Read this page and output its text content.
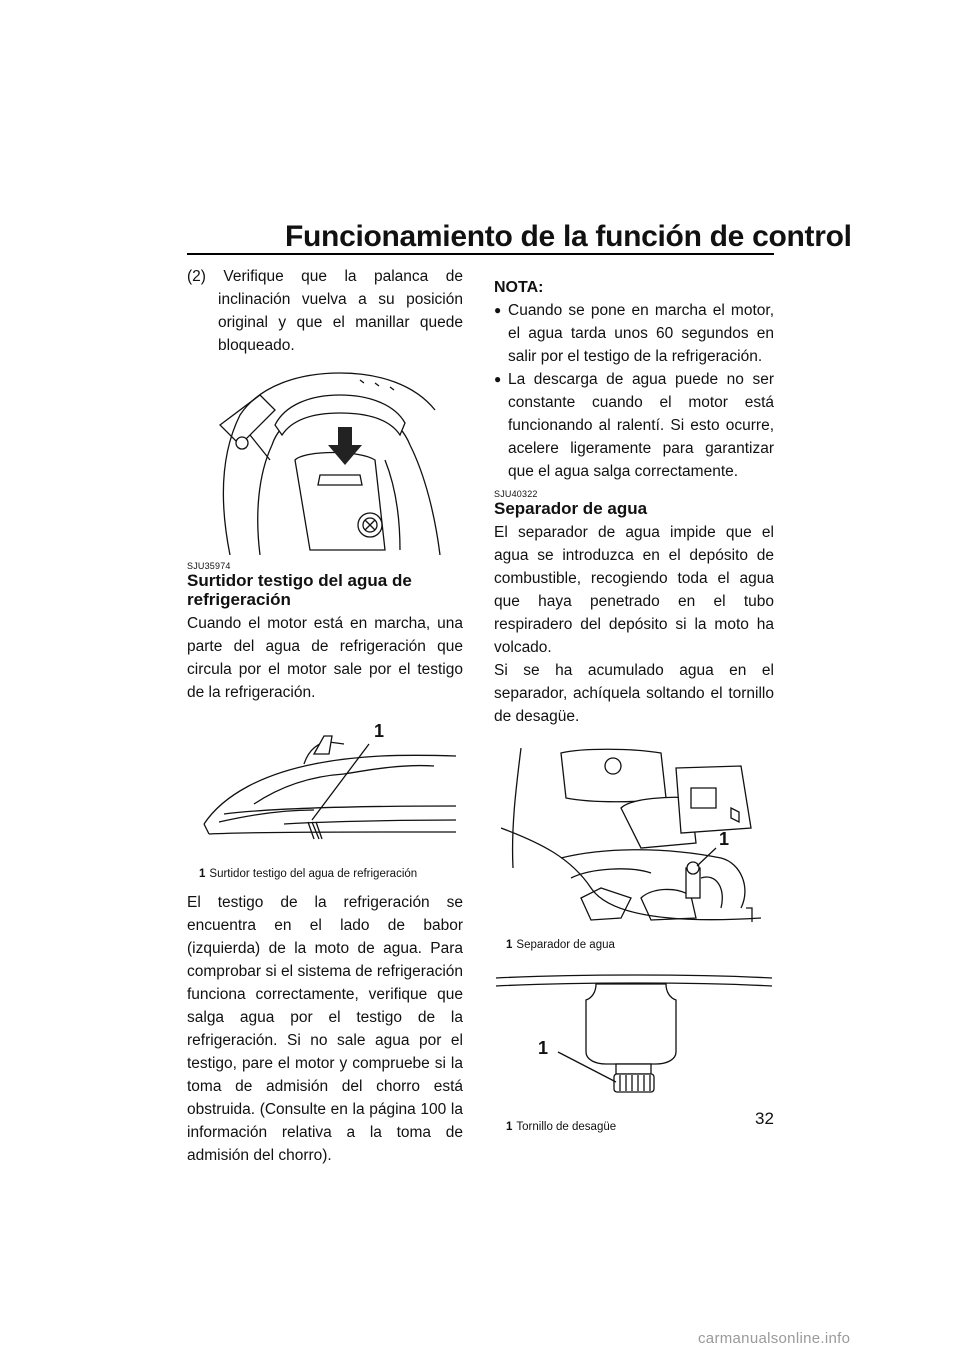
Funcionamiento de la función de control

(2) Verifique que la palanca de inclinación vuelva a su posición original y que el manillar quede bloqueado.

SJU35974
Surtidor testigo del agua de refrigeración

Cuando el motor está en marcha, una parte del agua de refrigeración que circula por el motor sale por el testigo de la refrigeración.

1
1 Surtidor testigo del agua de refrigeración

El testigo de la refrigeración se encuentra en el lado de babor (izquierda) de la moto de agua. Para comprobar si el sistema de refrigeración funciona correctamente, verifique que salga agua por el testigo de la refrigeración. Si no sale agua por el testigo, pare el motor y compruebe si la toma de admisión del chorro está obstruida. (Consulte en la página 100 la información relativa a la toma de admisión del chorro).

NOTA:
● Cuando se pone en marcha el motor, el agua tarda unos 60 segundos en salir por el testigo de la refrigeración.

● La descarga de agua puede no ser constante cuando el motor está funcionando al ralentí. Si esto ocurre, acelere ligeramente para garantizar que el agua salga correctamente.

SJU40322
Separador de agua

El separador de agua impide que el agua se introduzca en el depósito de combustible, recogiendo toda el agua que haya penetrado en el tubo respiradero del depósito si la moto ha volcado.

Si se ha acumulado agua en el separador, achíquela soltando el tornillo de desagüe.

1
1 Separador de agua
1
1 Tornillo de desagüe	32
carmanualsonline.info
